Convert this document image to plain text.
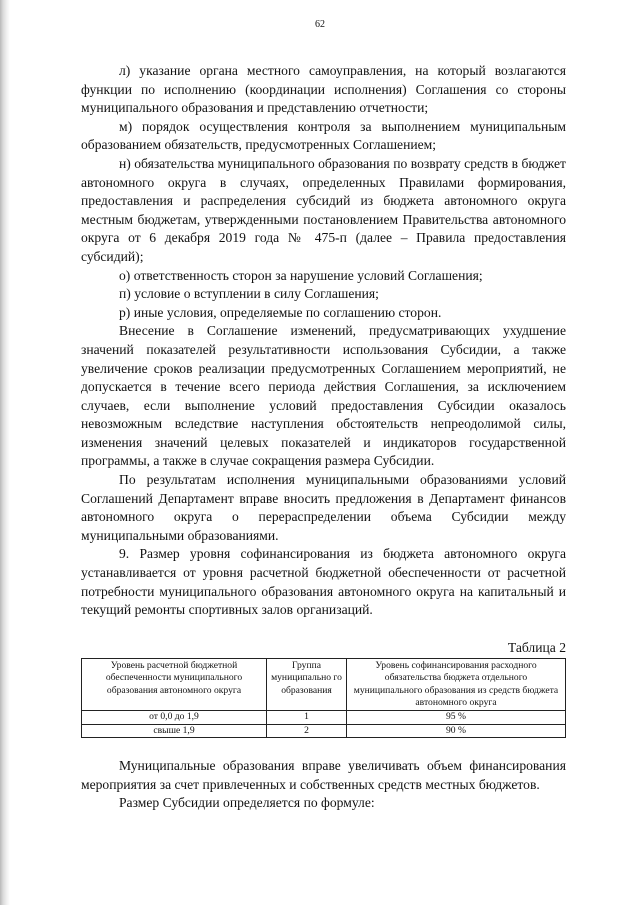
62

л) указание органа местного самоуправления, на который возлагаются функции по исполнению (координации исполнения) Соглашения со стороны муниципального образования и представлению отчетности;

м) порядок осуществления контроля за выполнением муниципальным образованием обязательств, предусмотренных Соглашением;

н) обязательства муниципального образования по возврату средств в бюджет автономного округа в случаях, определенных Правилами формирования, предоставления и распределения субсидий из бюджета автономного округа местным бюджетам, утвержденными постановлением Правительства автономного округа от 6 декабря 2019 года № 475-п (далее – Правила предоставления субсидий);

о) ответственность сторон за нарушение условий Соглашения;

п) условие о вступлении в силу Соглашения;

р) иные условия, определяемые по соглашению сторон.

Внесение в Соглашение изменений, предусматривающих ухудшение значений показателей результативности использования Субсидии, а также увеличение сроков реализации предусмотренных Соглашением мероприятий, не допускается в течение всего периода действия Соглашения, за исключением случаев, если выполнение условий предоставления Субсидии оказалось невозможным вследствие наступления обстоятельств непреодолимой силы, изменения значений целевых показателей и индикаторов государственной программы, а также в случае сокращения размера Субсидии.

По результатам исполнения муниципальными образованиями условий Соглашений Департамент вправе вносить предложения в Департамент финансов автономного округа о перераспределении объема Субсидии между муниципальными образованиями.

9. Размер уровня софинансирования из бюджета автономного округа устанавливается от уровня расчетной бюджетной обеспеченности от расчетной потребности муниципального образования автономного округа на капитальный и текущий ремонты спортивных залов организаций.

Таблица 2
Уровень расчетной бюджетной обеспеченности муниципального образования автономного округа	Группа муниципально го образования	Уровень софинансирования расходного обязательства бюджета отдельного муниципального образования из средств бюджета автономного округа
от 0,0 до 1,9	1	95 %
свыше 1,9	2	90 %

Муниципальные образования вправе увеличивать объем финансирования мероприятия за счет привлеченных и собственных средств местных бюджетов.

Размер Субсидии определяется по формуле:
